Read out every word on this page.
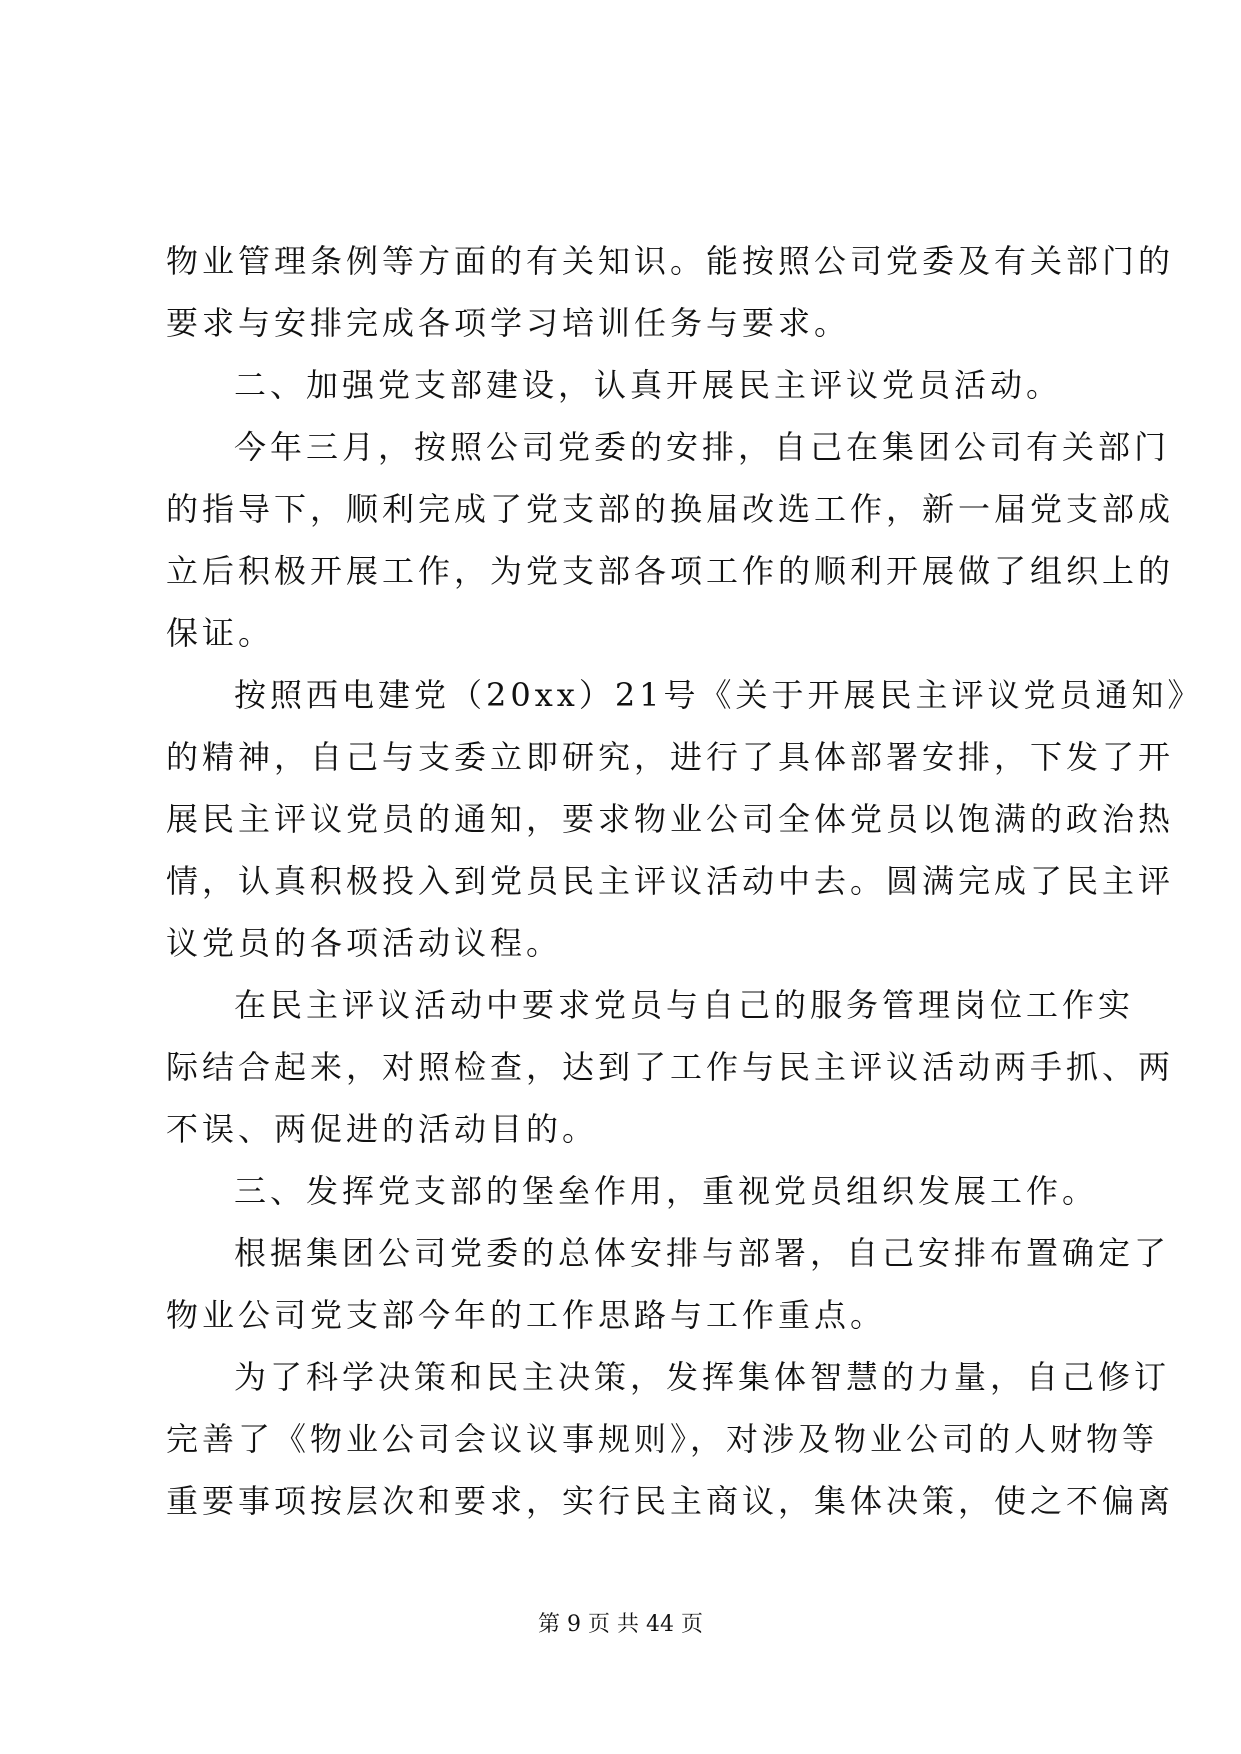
物业管理条例等方面的有关知识。能按照公司党委及有关部门的
要求与安排完成各项学习培训任务与要求。
二、加强党支部建设，认真开展民主评议党员活动。
今年三月，按照公司党委的安排，自己在集团公司有关部门
的指导下，顺利完成了党支部的换届改选工作，新一届党支部成
立后积极开展工作，为党支部各项工作的顺利开展做了组织上的
保证。
按照西电建党（20xx）21号《关于开展民主评议党员通知》
的精神，自己与支委立即研究，进行了具体部署安排，下发了开
展民主评议党员的通知，要求物业公司全体党员以饱满的政治热
情，认真积极投入到党员民主评议活动中去。圆满完成了民主评
议党员的各项活动议程。
在民主评议活动中要求党员与自己的服务管理岗位工作实
际结合起来，对照检查，达到了工作与民主评议活动两手抓、两
不误、两促进的活动目的。
三、发挥党支部的堡垒作用，重视党员组织发展工作。
根据集团公司党委的总体安排与部署，自己安排布置确定了
物业公司党支部今年的工作思路与工作重点。
为了科学决策和民主决策，发挥集体智慧的力量，自己修订
完善了《物业公司会议议事规则》，对涉及物业公司的人财物等
重要事项按层次和要求，实行民主商议，集体决策，使之不偏离
第 9 页 共 44 页
